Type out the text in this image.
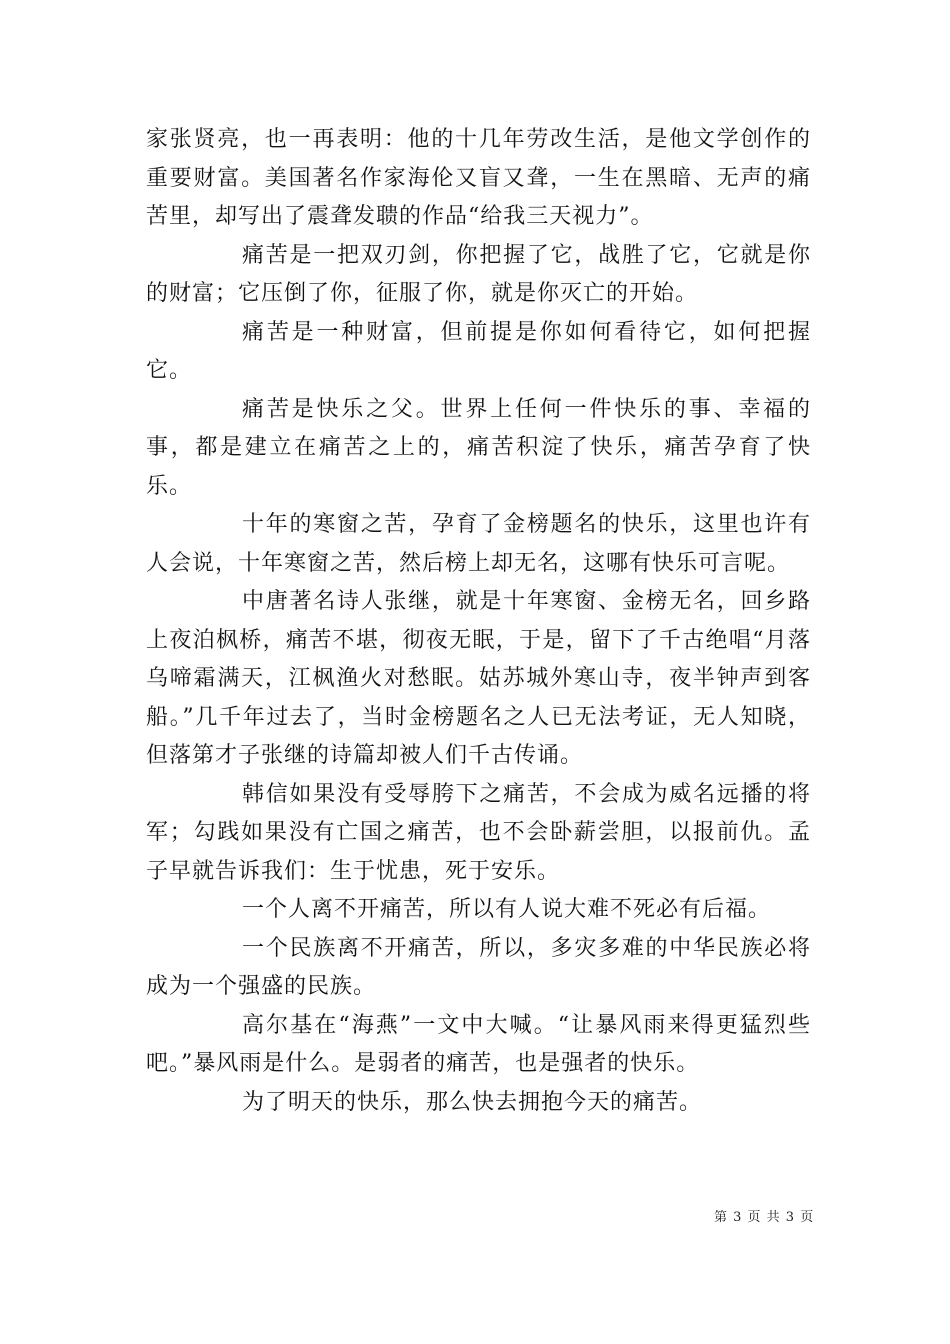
家张贤亮，也一再表明：他的十几年劳改生活，是他文学创作的重要财富。美国著名作家海伦又盲又聋，一生在黑暗、无声的痛苦里，却写出了震聋发聩的作品“给我三天视力”。

痛苦是一把双刃剑，你把握了它，战胜了它，它就是你的财富；它压倒了你，征服了你，就是你灭亡的开始。

痛苦是一种财富，但前提是你如何看待它，如何把握它。

痛苦是快乐之父。世界上任何一件快乐的事、幸福的事，都是建立在痛苦之上的，痛苦积淀了快乐，痛苦孕育了快乐。

十年的寒窗之苦，孕育了金榜题名的快乐，这里也许有人会说，十年寒窗之苦，然后榜上却无名，这哪有快乐可言呢。

中唐著名诗人张继，就是十年寒窗、金榜无名，回乡路上夜泊枫桥，痛苦不堪，彻夜无眠，于是，留下了千古绝唱“月落乌啼霜满天，江枫渔火对愁眠。姑苏城外寒山寺，夜半钟声到客船。”几千年过去了，当时金榜题名之人已无法考证，无人知晓，但落第才子张继的诗篇却被人们千古传诵。

韩信如果没有受辱胯下之痛苦，不会成为威名远播的将军；勾践如果没有亡国之痛苦，也不会卧薪尝胆，以报前仇。孟子早就告诉我们：生于忧患，死于安乐。

一个人离不开痛苦，所以有人说大难不死必有后福。

一个民族离不开痛苦，所以，多灾多难的中华民族必将成为一个强盛的民族。

高尔基在“海燕”一文中大喊。“让暴风雨来得更猛烈些吧。”暴风雨是什么。是弱者的痛苦，也是强者的快乐。

为了明天的快乐，那么快去拥抱今天的痛苦。

第 3 页 共 3 页
